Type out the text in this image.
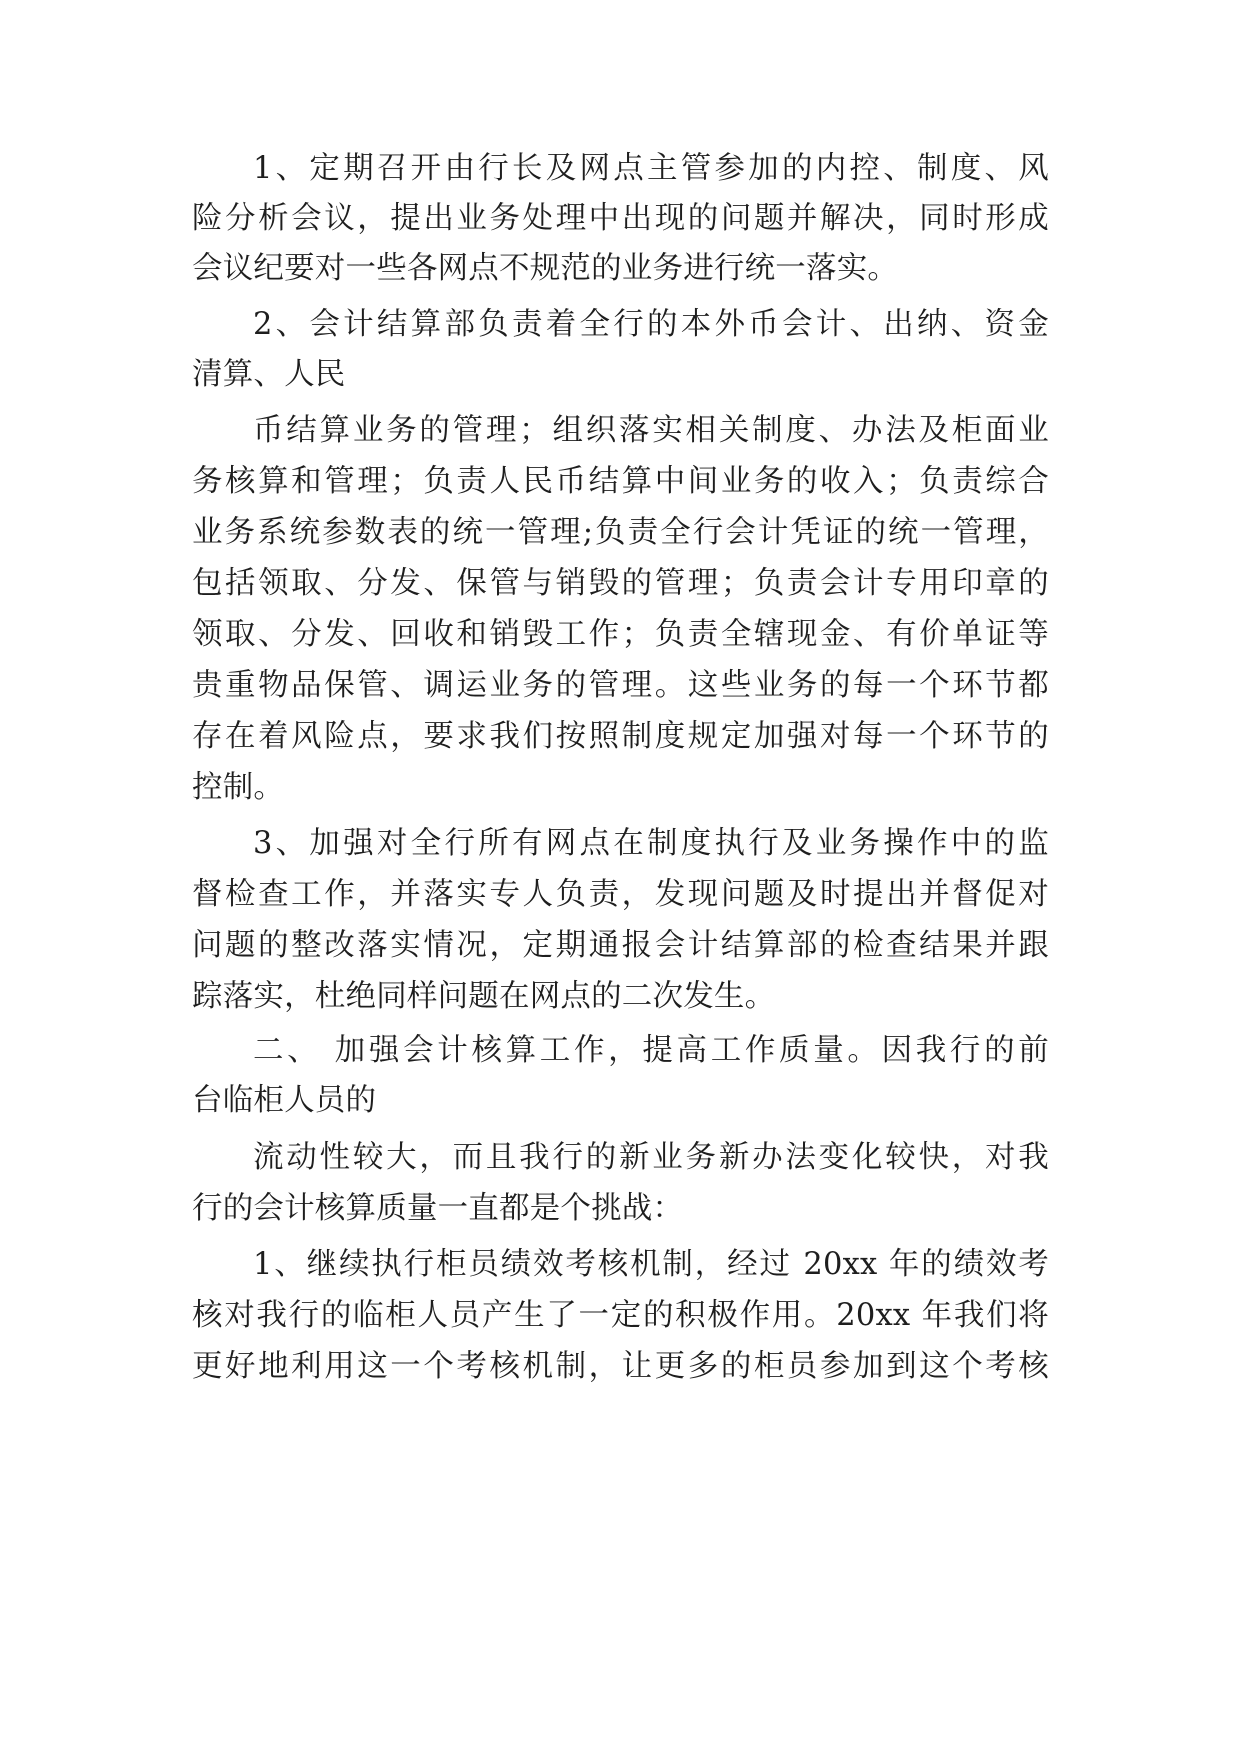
1、定期召开由行长及网点主管参加的内控、制度、风
险分析会议，提出业务处理中出现的问题并解决，同时形成
会议纪要对一些各网点不规范的业务进行统一落实。
2、会计结算部负责着全行的本外币会计、出纳、资金
清算、人民
币结算业务的管理；组织落实相关制度、办法及柜面业
务核算和管理；负责人民币结算中间业务的收入；负责综合
业务系统参数表的统一管理;负责全行会计凭证的统一管理，
包括领取、分发、保管与销毁的管理；负责会计专用印章的
领取、分发、回收和销毁工作；负责全辖现金、有价单证等
贵重物品保管、调运业务的管理。这些业务的每一个环节都
存在着风险点，要求我们按照制度规定加强对每一个环节的
控制。
3、加强对全行所有网点在制度执行及业务操作中的监
督检查工作，并落实专人负责，发现问题及时提出并督促对
问题的整改落实情况，定期通报会计结算部的检查结果并跟
踪落实，杜绝同样问题在网点的二次发生。
二、 加强会计核算工作，提高工作质量。因我行的前
台临柜人员的
流动性较大，而且我行的新业务新办法变化较快，对我
行的会计核算质量一直都是个挑战：
1、继续执行柜员绩效考核机制，经过 20xx 年的绩效考
核对我行的临柜人员产生了一定的积极作用。20xx 年我们将
更好地利用这一个考核机制，让更多的柜员参加到这个考核
